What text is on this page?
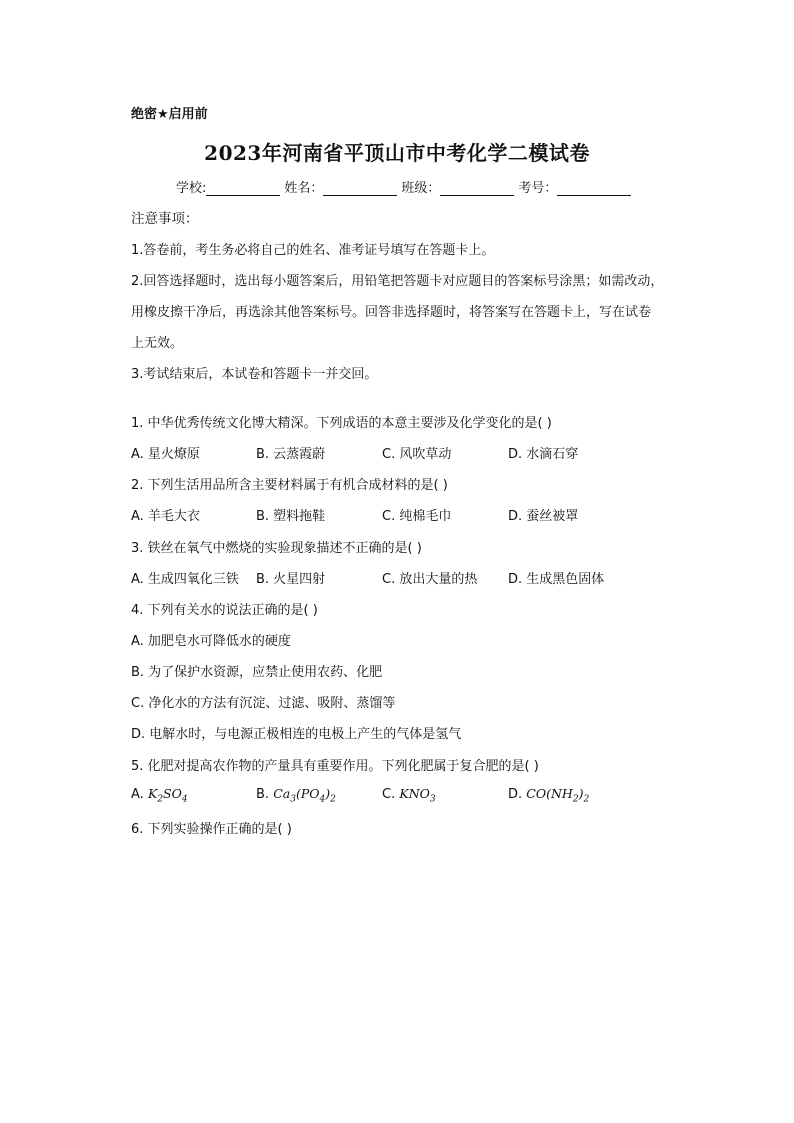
绝密★启用前
2023年河南省平顶山市中考化学二模试卷
学校:	姓名：	班级：	考号：
注意事项：
1.答卷前，考生务必将自己的姓名、准考证号填写在答题卡上。
2.回答选择题时，选出每小题答案后，用铅笔把答题卡对应题目的答案标号涂黑；如需改动，
用橡皮擦干净后，再选涂其他答案标号。回答非选择题时，将答案写在答题卡上，写在试卷
上无效。
3.考试结束后，本试卷和答题卡一并交回。
1. 中华优秀传统文化博大精深。下列成语的本意主要涉及化学变化的是( )
A. 星火燎原	B. 云蒸霞蔚	C. 风吹草动	D. 水滴石穿
2. 下列生活用品所含主要材料属于有机合成材料的是( )
A. 羊毛大衣	B. 塑料拖鞋	C. 纯棉毛巾	D. 蚕丝被罩
3. 铁丝在氧气中燃烧的实验现象描述不正确的是( )
A. 生成四氧化三铁 B. 火星四射	C. 放出大量的热 D. 生成黑色固体
4. 下列有关水的说法正确的是( )
A. 加肥皂水可降低水的硬度
B. 为了保护水资源，应禁止使用农药、化肥
C. 净化水的方法有沉淀、过滤、吸附、蒸馏等
D. 电解水时，与电源正极相连的电极上产生的气体是氢气
5. 化肥对提高农作物的产量具有重要作用。下列化肥属于复合肥的是( )
A. $K_2SO_4$	B. $Ca_3(PO_4)_2$	C. $KNO_3$	D. $CO(NH_2)_2$
6. 下列实验操作正确的是( )
